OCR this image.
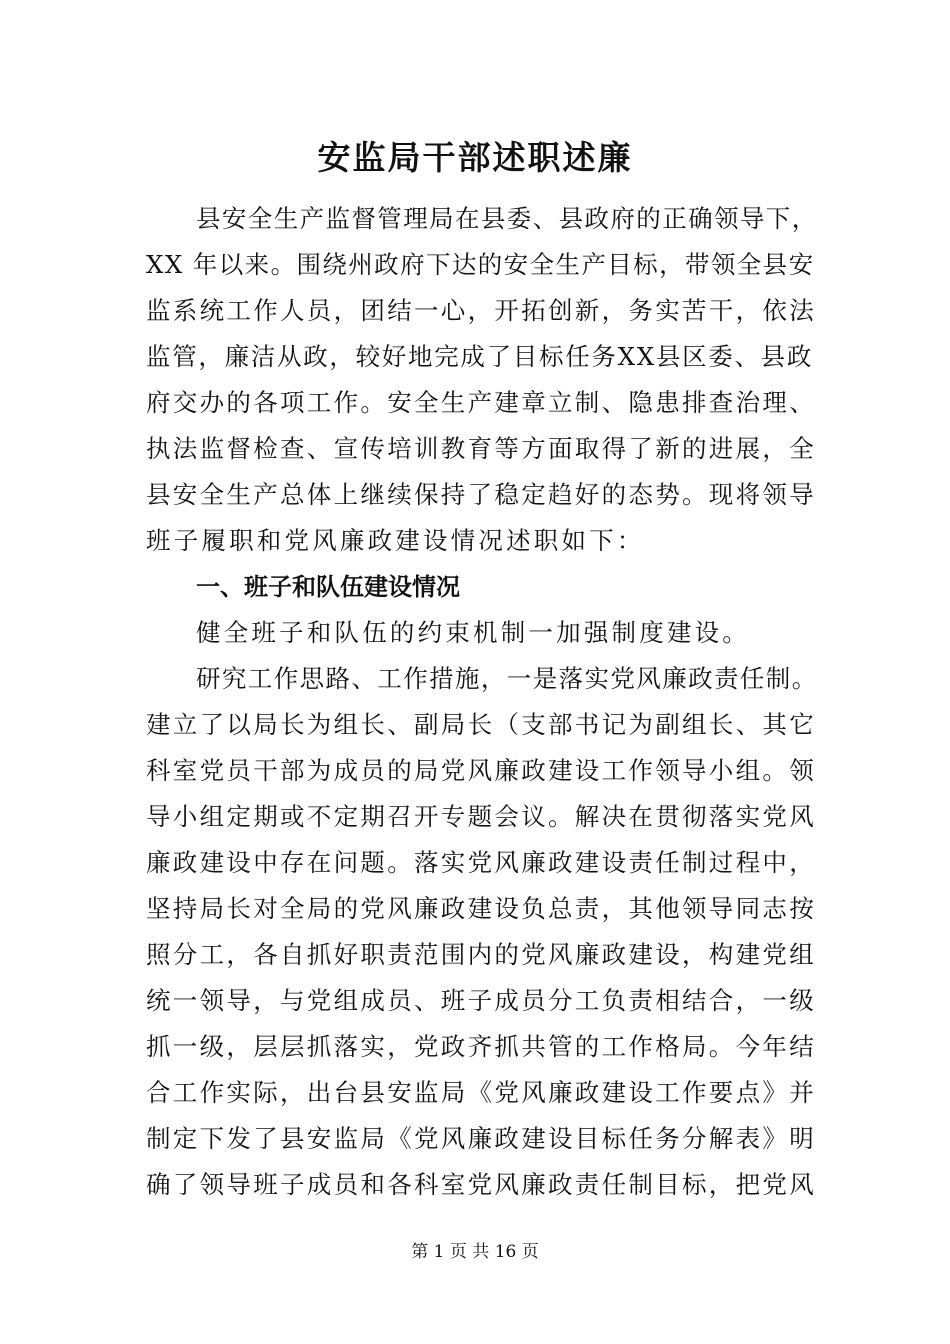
安监局干部述职述廉
县安全生产监督管理局在县委、县政府的正确领导下，
XX 年以来。围绕州政府下达的安全生产目标，带领全县安
监系统工作人员，团结一心，开拓创新，务实苦干，依法
监管，廉洁从政，较好地完成了目标任务XX县区委、县政
府交办的各项工作。安全生产建章立制、隐患排查治理、
执法监督检查、宣传培训教育等方面取得了新的进展，全
县安全生产总体上继续保持了稳定趋好的态势。现将领导
班子履职和党风廉政建设情况述职如下：
一、班子和队伍建设情况
健全班子和队伍的约束机制一加强制度建设。
研究工作思路、工作措施，一是落实党风廉政责任制。
建立了以局长为组长、副局长（支部书记为副组长、其它
科室党员干部为成员的局党风廉政建设工作领导小组。领
导小组定期或不定期召开专题会议。解决在贯彻落实党风
廉政建设中存在问题。落实党风廉政建设责任制过程中，
坚持局长对全局的党风廉政建设负总责，其他领导同志按
照分工，各自抓好职责范围内的党风廉政建设，构建党组
统一领导，与党组成员、班子成员分工负责相结合，一级
抓一级，层层抓落实，党政齐抓共管的工作格局。今年结
合工作实际，出台县安监局《党风廉政建设工作要点》并
制定下发了县安监局《党风廉政建设目标任务分解表》明
确了领导班子成员和各科室党风廉政责任制目标，把党风
第 1 页 共 16 页
